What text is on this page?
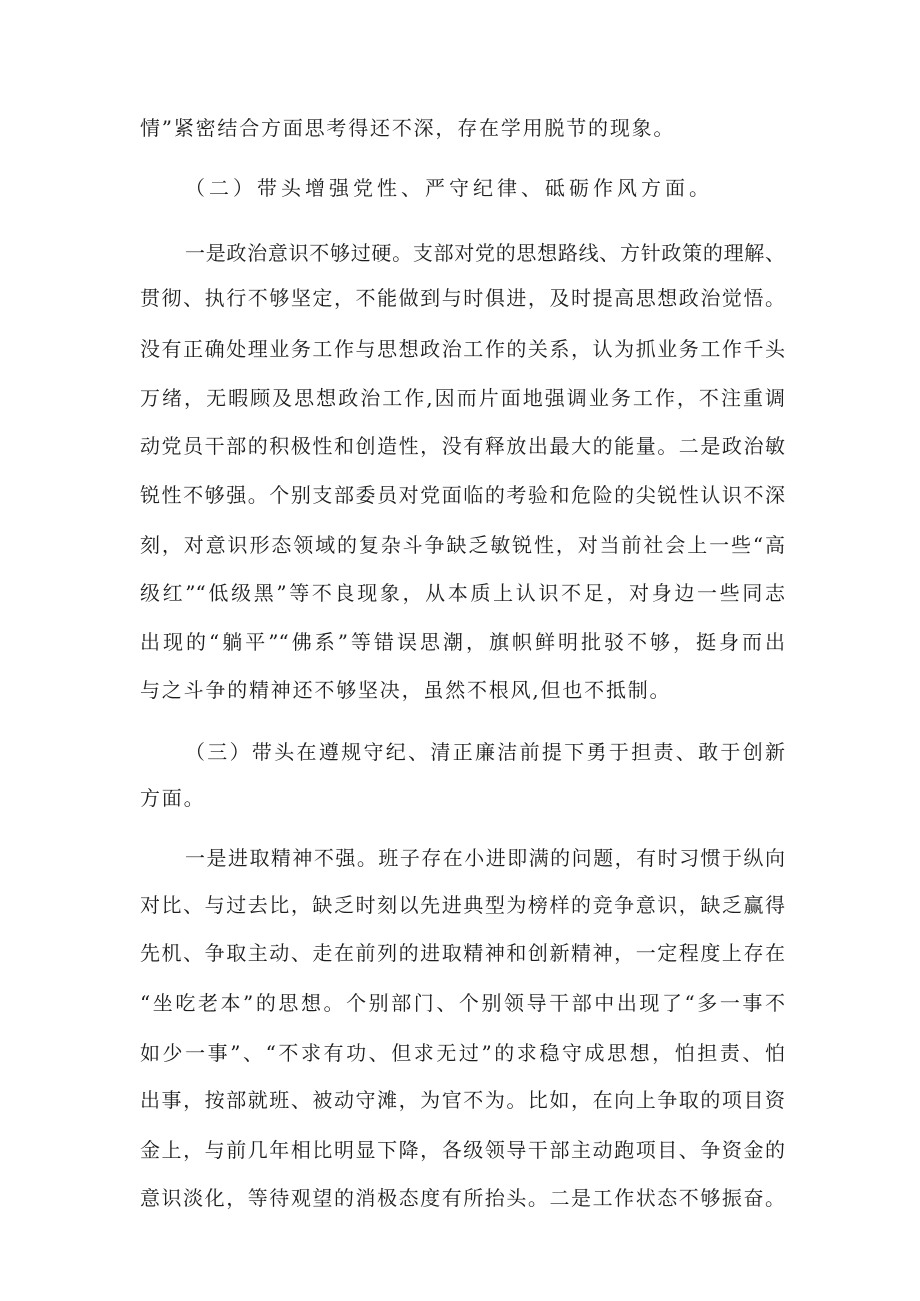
情”紧密结合方面思考得还不深，存在学用脱节的现象。
（二）带头增强党性、严守纪律、砥砺作风方面。
一是政治意识不够过硬。支部对党的思想路线、方针政策的理解、
贯彻、执行不够坚定，不能做到与时俱进，及时提高思想政治觉悟。
没有正确处理业务工作与思想政治工作的关系，认为抓业务工作千头
万绪，无暇顾及思想政治工作,因而片面地强调业务工作，不注重调
动党员干部的积极性和创造性，没有释放出最大的能量。二是政治敏
锐性不够强。个别支部委员对党面临的考验和危险的尖锐性认识不深
刻，对意识形态领域的复杂斗争缺乏敏锐性，对当前社会上一些“高
级红”“低级黑”等不良现象，从本质上认识不足，对身边一些同志
出现的“躺平”“佛系”等错误思潮，旗帜鲜明批驳不够，挺身而出
与之斗争的精神还不够坚决，虽然不根风,但也不抵制。
（三）带头在遵规守纪、清正廉洁前提下勇于担责、敢于创新
方面。
一是进取精神不强。班子存在小进即满的问题，有时习惯于纵向
对比、与过去比，缺乏时刻以先进典型为榜样的竞争意识，缺乏赢得
先机、争取主动、走在前列的进取精神和创新精神，一定程度上存在
“坐吃老本”的思想。个别部门、个别领导干部中出现了“多一事不
如少一事”、“不求有功、但求无过”的求稳守成思想，怕担责、怕
出事，按部就班、被动守滩，为官不为。比如，在向上争取的项目资
金上，与前几年相比明显下降，各级领导干部主动跑项目、争资金的
意识淡化，等待观望的消极态度有所抬头。二是工作状态不够振奋。
